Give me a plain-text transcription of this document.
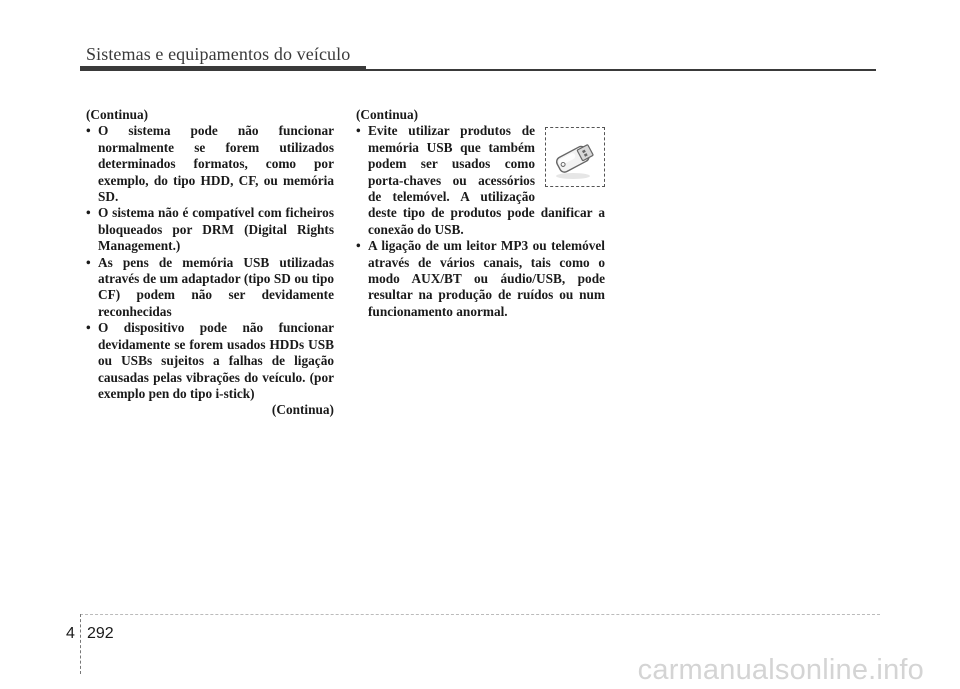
Sistemas e equipamentos do veículo
(Continua)
• O sistema pode não funcionar normalmente se forem utilizados determinados formatos, como por exemplo, do tipo HDD, CF, ou memória SD.
• O sistema não é compatível com ficheiros bloqueados por DRM (Digital Rights Management.)
• As pens de memória USB utilizadas através de um adaptador (tipo SD ou tipo CF) podem não ser devidamente reconhecidas
• O dispositivo pode não funcionar devidamente se forem usados HDDs USB ou USBs sujeitos a falhas de ligação causadas pelas vibrações do veículo. (por exemplo pen do tipo i-stick)
(Continua)
(Continua)
• Evite utilizar produtos de memória USB que também podem ser usados como porta-chaves ou acessórios de telemóvel. A utilização deste tipo de produtos pode danificar a conexão do USB.
• A ligação de um leitor MP3 ou telemóvel através de vários canais, tais como o modo AUX/BT ou áudio/USB, pode resultar na produção de ruídos ou num funcionamento anormal.
4 292
carmanualsonline.info
